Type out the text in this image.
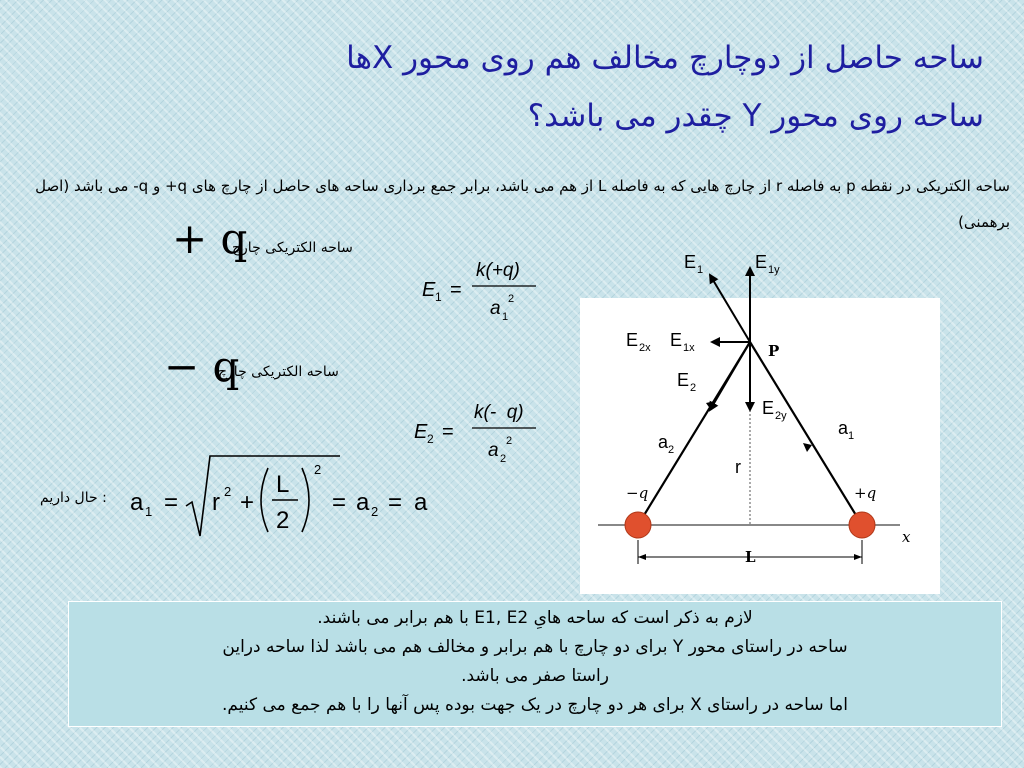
ساحه حاصل از دوچارچ مخالف هم روی محور Xها
ساحه روی محور Y چقدر می باشد؟
ساحه الکتریکی در نقطه p به فاصله r از چارچ هایی که به فاصله L از هم می باشد، برابر جمع برداری ساحه های حاصل از چارچ های ‎+q‎ و ‎-q‎ می باشد (اصل برهمنی)
ساحه الکتریکی چارچ
+ q
ساحه الکتریکی چارچ
− q
E 1 =
k(+q)
a 1
2
E 2 =
k(-  q)
a 2
2
: حال داریم a 1 = r 2 +
L
2
2
= a 2 = a
x
E 1	E 1y
E 2x E 1x	P
E 2
E 2y
a 1
a 2
r
−q	+q
L
لازم به ذکر است که ساحه هایِ E1, E2 با هم برابر می باشند.
ساحه در راستای محور Y برای دو چارچ با هم برابر و مخالف هم می باشد لذا ساحه دراین
راستا صفر می باشد.
اما ساحه در راستای X برای هر دو چارچ در یک جهت بوده پس آنها را با هم جمع می کنیم.
